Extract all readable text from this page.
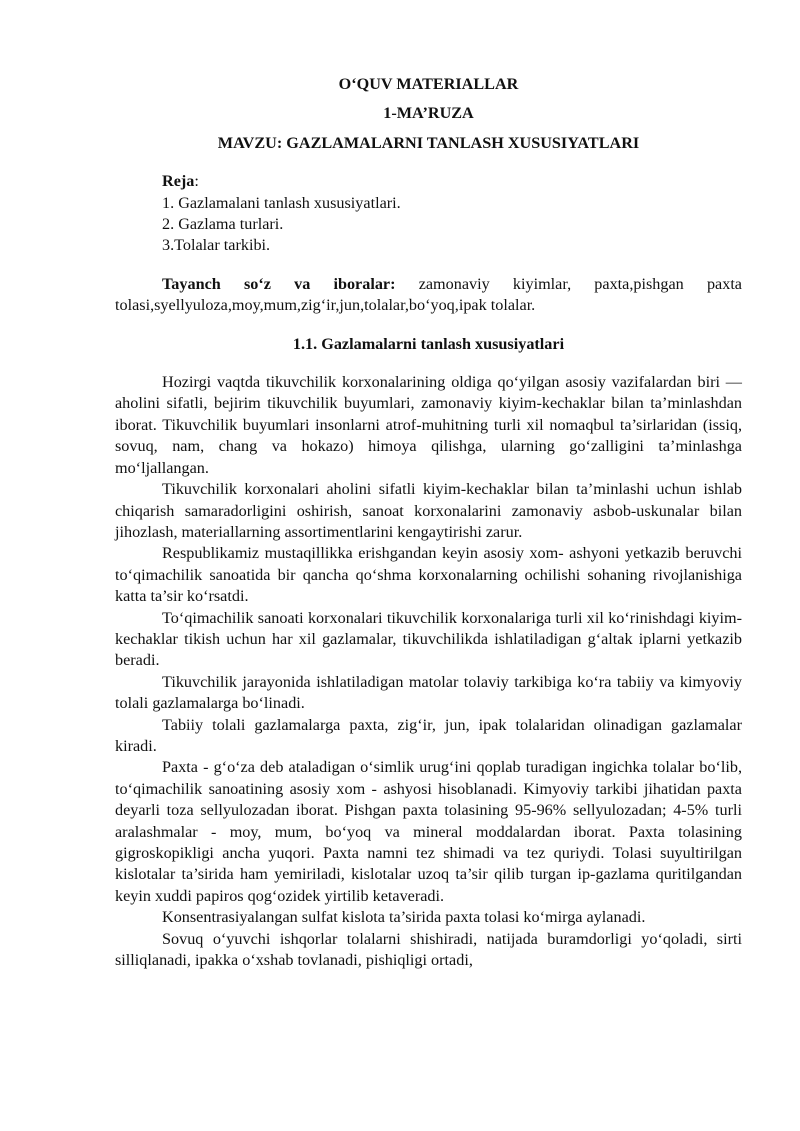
O‘QUV MATERIALLAR
1-MA’RUZA
MAVZU: GAZLAMALARNI TANLASH XUSUSIYATLARI
Reja:
1. Gazlamalani tanlash xususiyatlari.
2. Gazlama turlari.
3.Tolalar tarkibi.
Tayanch so‘z va iboralar: zamonaviy kiyimlar, paxta,pishgan paxta tolasi,syellyuloza,moy,mum,zig‘ir,jun,tolalar,bo‘yoq,ipak tolalar.
1.1. Gazlamalarni tanlash xususiyatlari

Hozirgi vaqtda tikuvchilik korxonalarining oldiga qo‘yilgan asosiy vazifalardan biri — aholini sifatli, bejirim tikuvchilik buyumlari, zamonaviy kiyim-kechaklar bilan ta’minlashdan iborat. Tikuvchilik buyumlari insonlarni atrof-muhitning turli xil nomaqbul ta’sirlaridan (issiq, sovuq, nam, chang va hokazo) himoya qilishga, ularning go‘zalligini ta’minlashga mo‘ljallangan.

Tikuvchilik korxonalari aholini sifatli kiyim-kechaklar bilan ta’minlashi uchun ishlab chiqarish samaradorligini oshirish, sanoat korxonalarini zamonaviy asbob-uskunalar bilan jihozlash, materiallarning assortimentlarini kengaytirishi zarur.

Respublikamiz mustaqillikka erishgandan keyin asosiy xom- ashyoni yetkazib beruvchi to‘qimachilik sanoatida bir qancha qo‘shma korxonalarning ochilishi sohaning rivojlanishiga katta ta’sir ko‘rsatdi.

To‘qimachilik sanoati korxonalari tikuvchilik korxonalariga turli xil ko‘rinishdagi kiyim-kechaklar tikish uchun har xil gazlamalar, tikuvchilikda ishlatiladigan g‘altak iplarni yetkazib beradi.

Tikuvchilik jarayonida ishlatiladigan matolar tolaviy tarkibiga ko‘ra tabiiy va kimyoviy tolali gazlamalarga bo‘linadi.

Tabiiy tolali gazlamalarga paxta, zig‘ir, jun, ipak tolalaridan olinadigan gazlamalar kiradi.

Paxta - g‘o‘za deb ataladigan o‘simlik urug‘ini qoplab turadigan ingichka tolalar bo‘lib, to‘qimachilik sanoatining asosiy xom - ashyosi hisoblanadi. Kimyoviy tarkibi jihatidan paxta deyarli toza sellyulozadan iborat. Pishgan paxta tolasining 95-96% sellyulozadan; 4-5% turli aralashmalar - moy, mum, bo‘yoq va mineral moddalardan iborat. Paxta tolasining gigroskopikligi ancha yuqori. Paxta namni tez shimadi va tez quriydi. Tolasi suyultirilgan kislotalar ta’sirida ham yemiriladi, kislotalar uzoq ta’sir qilib turgan ip-gazlama quritilgandan keyin xuddi papiros qog‘ozidek yirtilib ketaveradi.

Konsentrasiyalangan sulfat kislota ta’sirida paxta tolasi ko‘mirga aylanadi.

Sovuq o‘yuvchi ishqorlar tolalarni shishiradi, natijada buramdorligi yo‘qoladi, sirti silliqlanadi, ipakka o‘xshab tovlanadi, pishiqligi ortadi,
